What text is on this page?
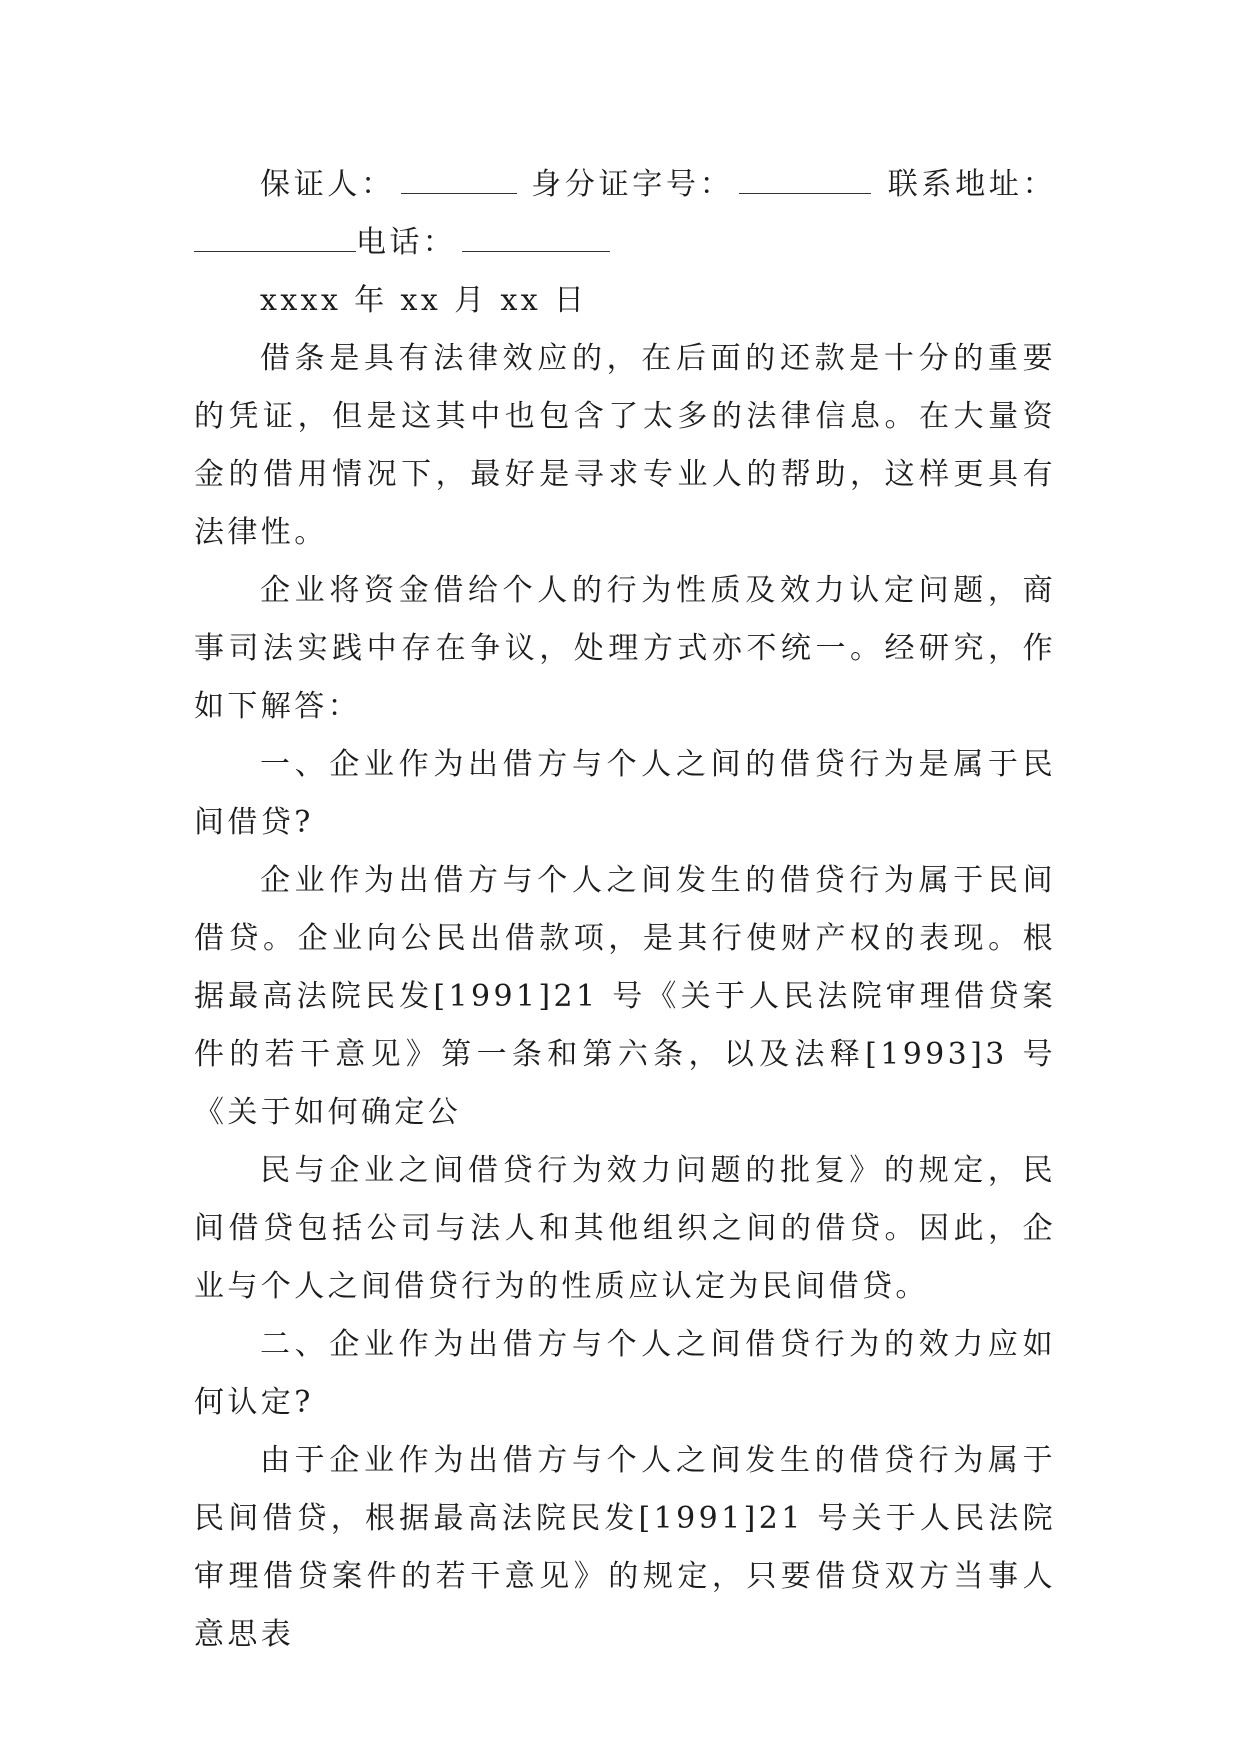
保证人：	身分证字号：	联系地址：电话：

xxxx 年 xx 月 xx 日

借条是具有法律效应的，在后面的还款是十分的重要的凭证，但是这其中也包含了太多的法律信息。在大量资金的借用情况下，最好是寻求专业人的帮助，这样更具有法律性。

企业将资金借给个人的行为性质及效力认定问题，商事司法实践中存在争议，处理方式亦不统一。经研究，作如下解答：

一、企业作为出借方与个人之间的借贷行为是属于民间借贷?

企业作为出借方与个人之间发生的借贷行为属于民间借贷。企业向公民出借款项，是其行使财产权的表现。根据最高法院民发[1991]21 号《关于人民法院审理借贷案件的若干意见》第一条和第六条，以及法释[1993]3 号《关于如何确定公

民与企业之间借贷行为效力问题的批复》的规定，民间借贷包括公司与法人和其他组织之间的借贷。因此，企业与个人之间借贷行为的性质应认定为民间借贷。

二、企业作为出借方与个人之间借贷行为的效力应如何认定?

由于企业作为出借方与个人之间发生的借贷行为属于民间借贷，根据最高法院民发[1991]21 号关于人民法院审理借贷案件的若干意见》的规定，只要借贷双方当事人意思表
